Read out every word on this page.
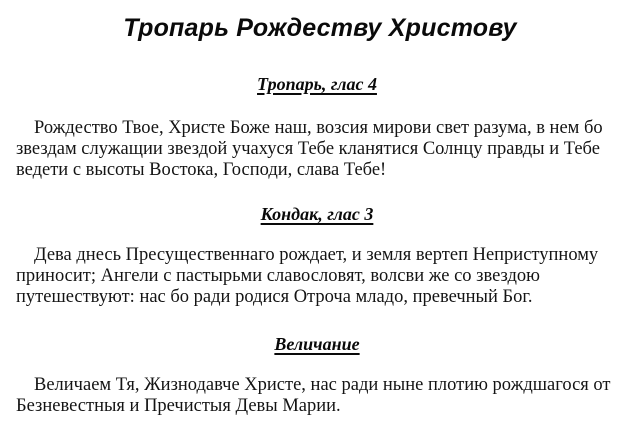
Тропарь Рождеству Христову
Тропарь, глас 4

Рождество Твое, Христе Боже наш, возсия мирови свет разума, в нем бо
звездам служащии звездой учахуся Тебе кланятися Солнцу правды и Тебе
ведети с высоты Востока, Господи, слава Тебе!

Кондак, глас 3

Дева днесь Пресущественнаго рождает, и земля вертеп Неприступному
приносит; Ангели с пастырьми славословят, волсви же со звездою
путешествуют: нас бо ради родися Отроча младо, превечный Бог.

Величание

Величаем Тя, Жизнодавче Христе, нас ради ныне плотию рождшагося от
Безневестныя и Пречистыя Девы Марии.
